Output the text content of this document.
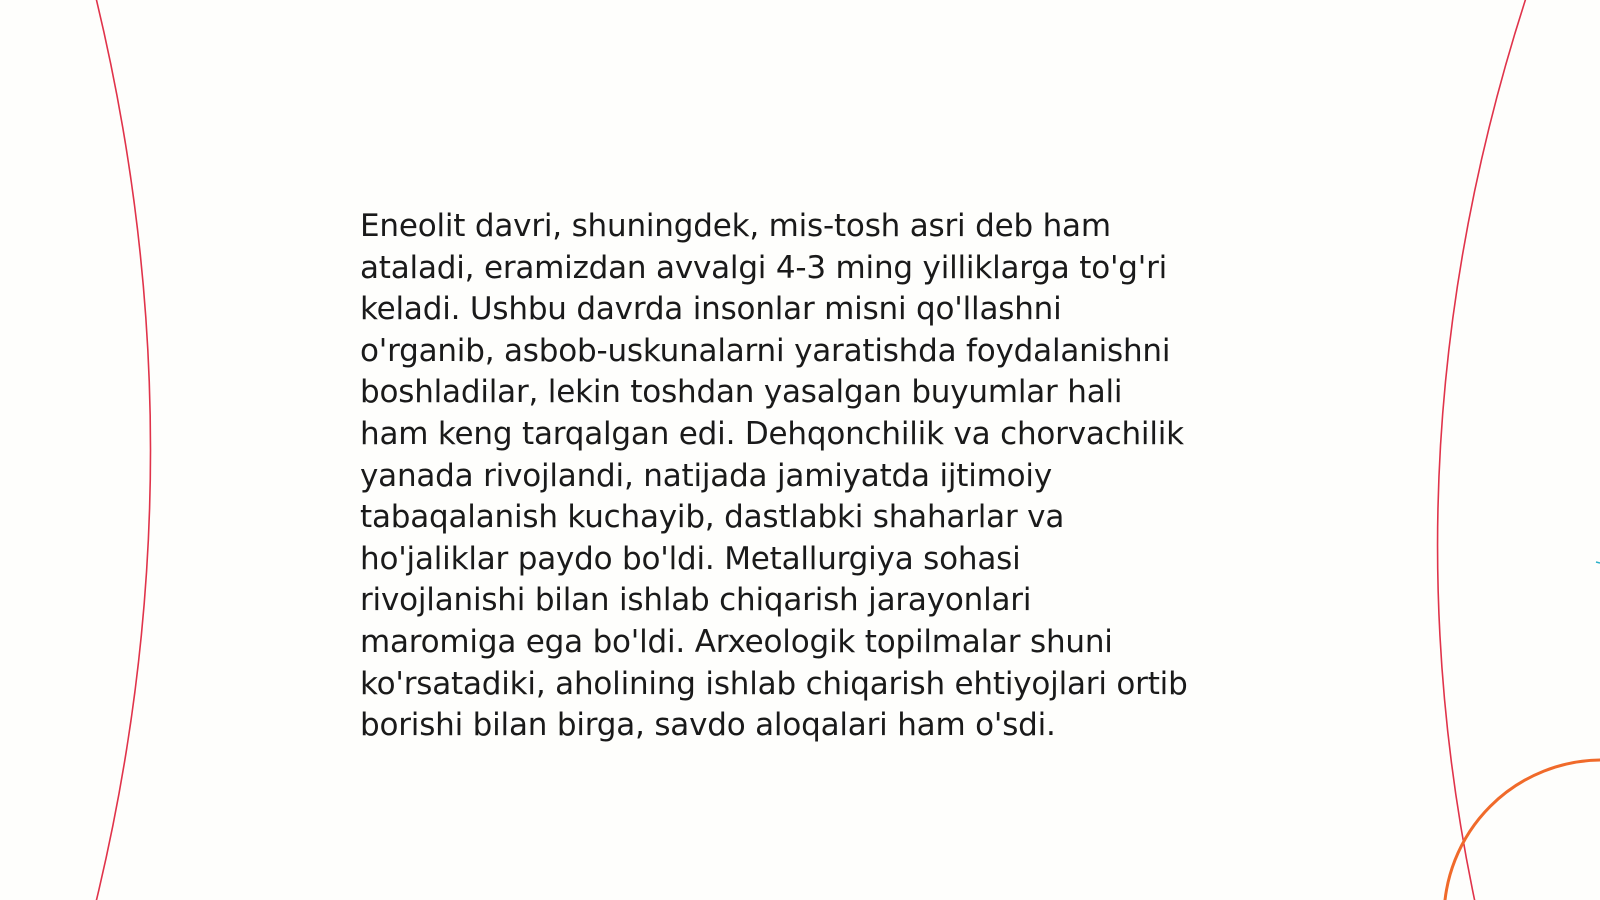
Eneolit davri, shuningdek, mis-tosh asri deb ham
ataladi, eramizdan avvalgi 4-3 ming yilliklarga to'g'ri
keladi. Ushbu davrda insonlar misni qo'llashni
o'rganib, asbob-uskunalarni yaratishda foydalanishni
boshladilar, lekin toshdan yasalgan buyumlar hali
ham keng tarqalgan edi. Dehqonchilik va chorvachilik
yanada rivojlandi, natijada jamiyatda ijtimoiy
tabaqalanish kuchayib, dastlabki shaharlar va
ho'jaliklar paydo bo'ldi. Metallurgiya sohasi
rivojlanishi bilan ishlab chiqarish jarayonlari
maromiga ega bo'ldi. Arxeologik topilmalar shuni
ko'rsatadiki, aholining ishlab chiqarish ehtiyojlari ortib
borishi bilan birga, savdo aloqalari ham o'sdi.
